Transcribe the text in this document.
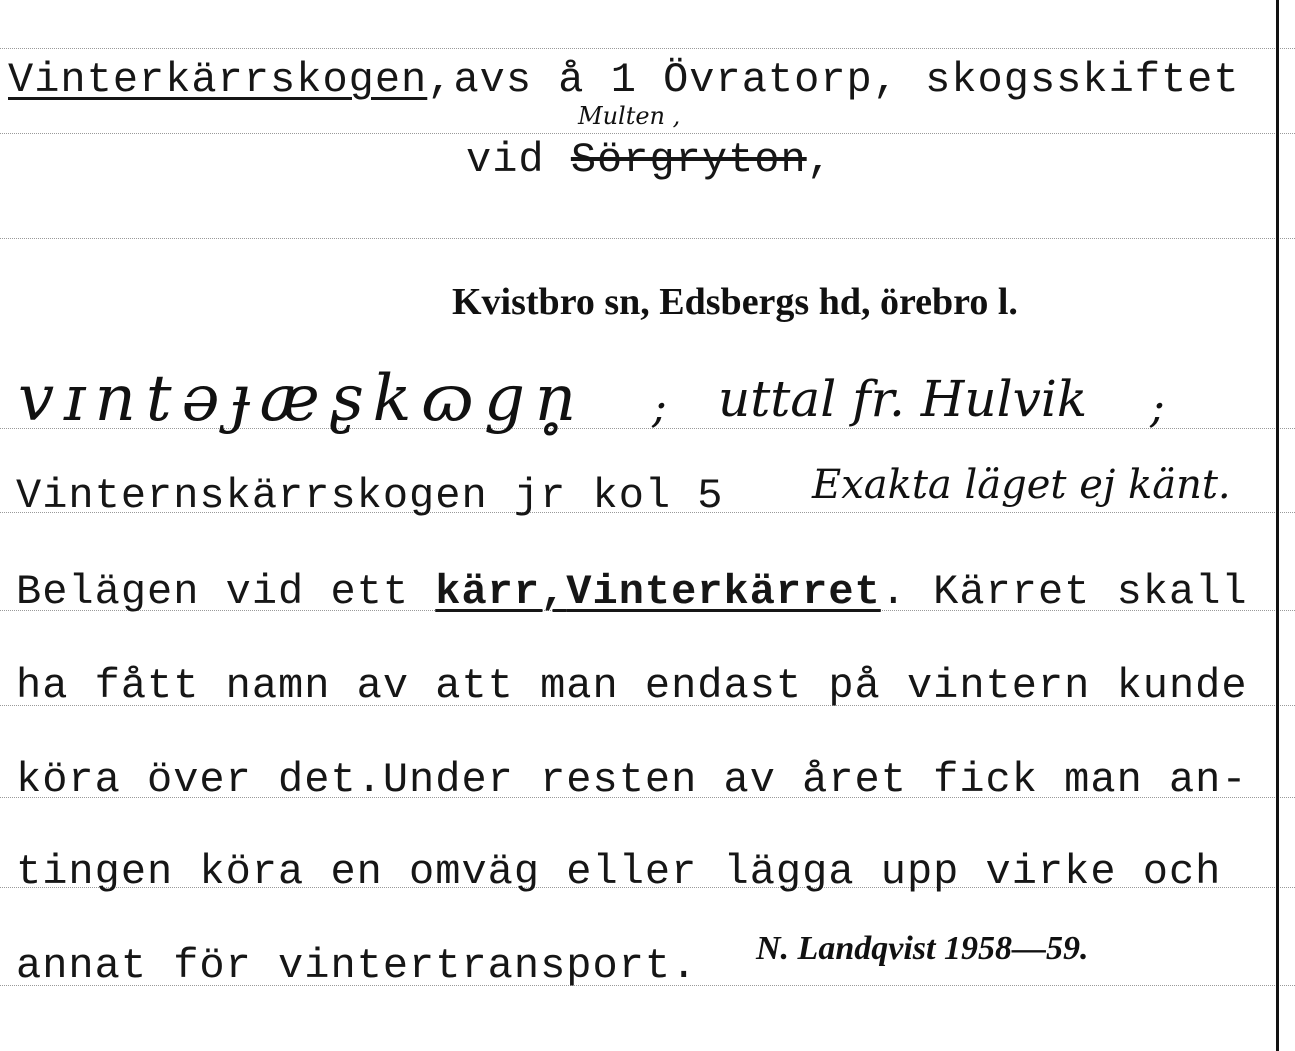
Vinterkärrskogen,avs å 1 Övratorp, skogsskiftet
Multen ,
vid Sörgryton,
Kvistbro sn, Edsbergs hd, örebro l.
vɪntəɟæʂkɷgn̥ ; uttal fr. Hulvik ;
Vinternskärrskogen jr kol 5 Exakta läget ej känt.
Belägen vid ett kärr,Vinterkärret. Kärret skall
ha fått namn av att man endast på vintern kunde
köra över det.Under resten av året fick man an-
tingen köra en omväg eller lägga upp virke och
annat för vintertransport. N. Landqvist 1958—59.
